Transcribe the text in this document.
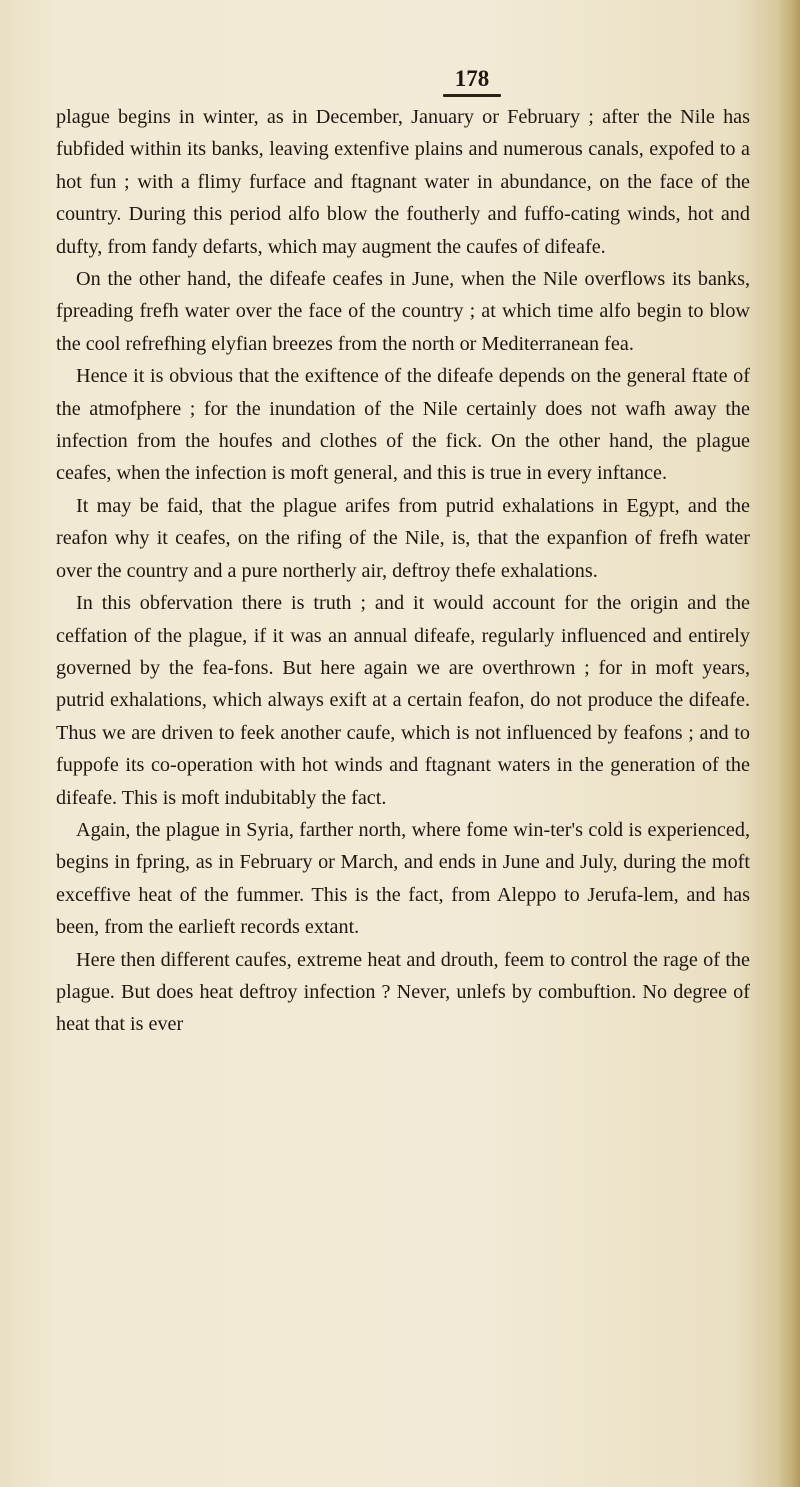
178

plague begins in winter, as in December, January or February ; after the Nile has fubfided within its banks, leaving extenfive plains and numerous canals, expofed to a hot fun ; with a flimy furface and ftagnant water in abundance, on the face of the country. During this period alfo blow the foutherly and fuffo-cating winds, hot and dufty, from fandy defarts, which may augment the caufes of difeafe.

On the other hand, the difeafe ceafes in June, when the Nile overflows its banks, fpreading frefh water over the face of the country ; at which time alfo begin to blow the cool refrefhing elyfian breezes from the north or Mediterranean fea.

Hence it is obvious that the exiftence of the difeafe depends on the general ftate of the atmofphere ; for the inundation of the Nile certainly does not wafh away the infection from the houfes and clothes of the fick. On the other hand, the plague ceafes, when the infection is moft general, and this is true in every inftance.

It may be faid, that the plague arifes from putrid exhalations in Egypt, and the reafon why it ceafes, on the rifing of the Nile, is, that the expanfion of frefh water over the country and a pure northerly air, deftroy thefe exhalations.

In this obfervation there is truth ; and it would account for the origin and the ceffation of the plague, if it was an annual difeafe, regularly influenced and entirely governed by the fea-fons. But here again we are overthrown ; for in moft years, putrid exhalations, which always exift at a certain feafon, do not produce the difeafe. Thus we are driven to feek another caufe, which is not influenced by feafons ; and to fuppofe its co-operation with hot winds and ftagnant waters in the generation of the difeafe. This is moft indubitably the fact.

Again, the plague in Syria, farther north, where fome win-ter's cold is experienced, begins in fpring, as in February or March, and ends in June and July, during the moft exceffive heat of the fummer. This is the fact, from Aleppo to Jerufa-lem, and has been, from the earlieft records extant.

Here then different caufes, extreme heat and drouth, feem to control the rage of the plague. But does heat deftroy infection ? Never, unlefs by combuftion. No degree of heat that is ever
